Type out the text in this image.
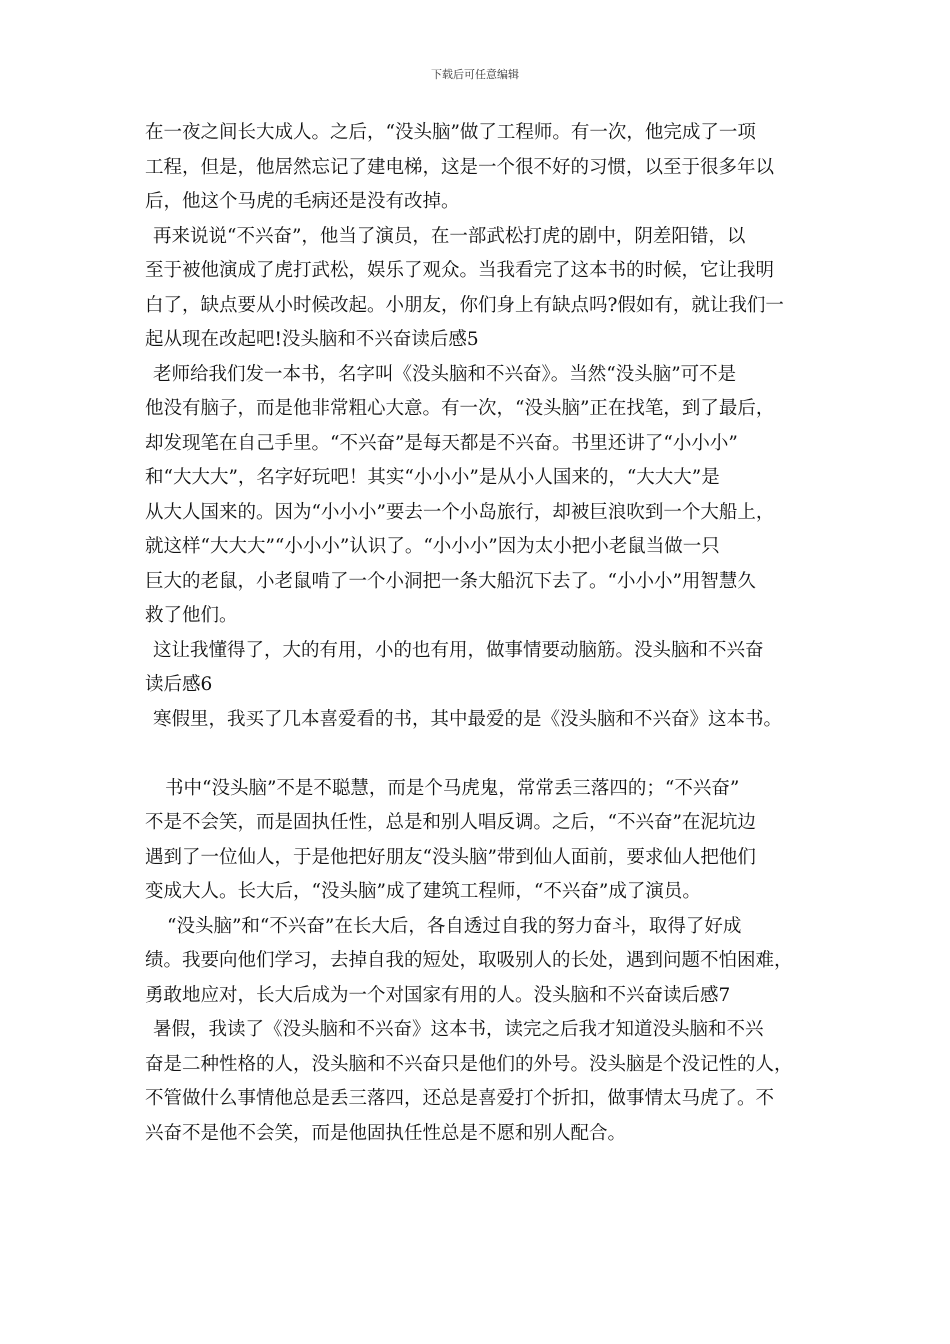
下载后可任意编辑
在一夜之间长大成人。之后，“没头脑”做了工程师。有一次，他完成了一项
工程，但是，他居然忘记了建电梯，这是一个很不好的习惯，以至于很多年以
后，他这个马虎的毛病还是没有改掉。
再来说说“不兴奋”，他当了演员，在一部武松打虎的剧中，阴差阳错，以
至于被他演成了虎打武松，娱乐了观众。当我看完了这本书的时候，它让我明
白了，缺点要从小时候改起。小朋友，你们身上有缺点吗?假如有，就让我们一
起从现在改起吧!没头脑和不兴奋读后感5
老师给我们发一本书，名字叫《没头脑和不兴奋》。当然“没头脑”可不是
他没有脑子，而是他非常粗心大意。有一次，“没头脑”正在找笔，到了最后，
却发现笔在自己手里。“不兴奋”是每天都是不兴奋。书里还讲了“小小小”
和“大大大”，名字好玩吧！其实“小小小”是从小人国来的，“大大大”是
从大人国来的。因为“小小小”要去一个小岛旅行，却被巨浪吹到一个大船上，
就这样“大大大”“小小小”认识了。“小小小”因为太小把小老鼠当做一只
巨大的老鼠，小老鼠啃了一个小洞把一条大船沉下去了。“小小小”用智慧久
救了他们。
这让我懂得了，大的有用，小的也有用，做事情要动脑筋。没头脑和不兴奋
读后感6
寒假里，我买了几本喜爱看的书，其中最爱的是《没头脑和不兴奋》这本书。
书中“没头脑”不是不聪慧，而是个马虎鬼，常常丢三落四的；“不兴奋”
不是不会笑，而是固执任性，总是和别人唱反调。之后，“不兴奋”在泥坑边
遇到了一位仙人，于是他把好朋友“没头脑”带到仙人面前，要求仙人把他们
变成大人。长大后，“没头脑”成了建筑工程师，“不兴奋”成了演员。
“没头脑”和“不兴奋”在长大后，各自透过自我的努力奋斗，取得了好成
绩。我要向他们学习，去掉自我的短处，取吸别人的长处，遇到问题不怕困难，
勇敢地应对，长大后成为一个对国家有用的人。没头脑和不兴奋读后感7
暑假，我读了《没头脑和不兴奋》这本书，读完之后我才知道没头脑和不兴
奋是二种性格的人，没头脑和不兴奋只是他们的外号。没头脑是个没记性的人，
不管做什么事情他总是丢三落四，还总是喜爱打个折扣，做事情太马虎了。不
兴奋不是他不会笑，而是他固执任性总是不愿和别人配合。
